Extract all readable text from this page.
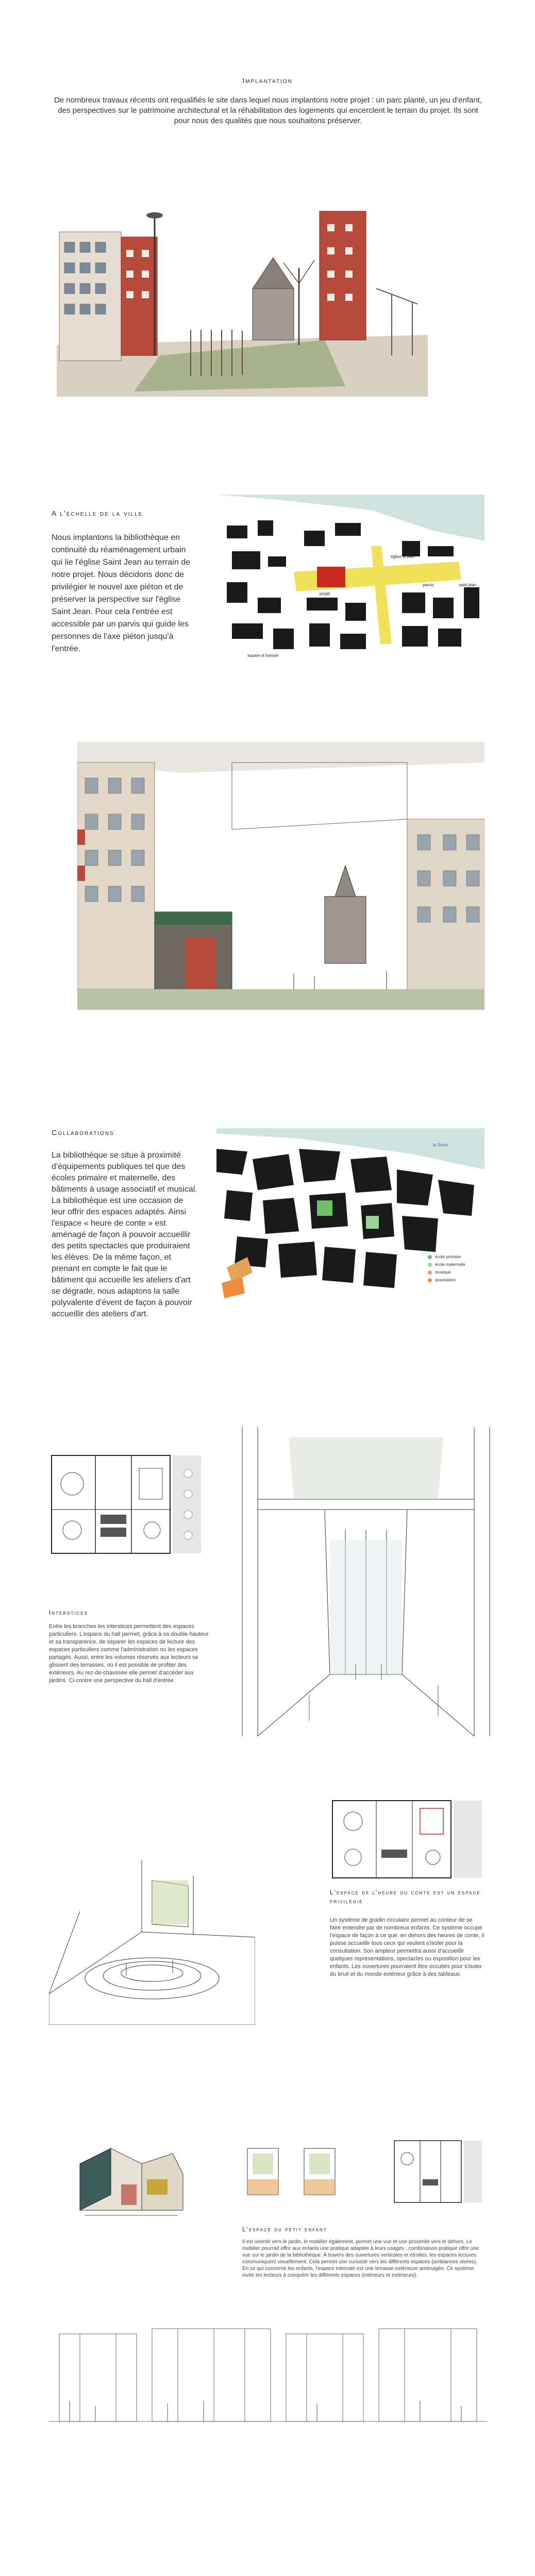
Implantation
De nombreux travaux récents ont requalifiés le site dans lequel nous implantons notre projet : un parc planté, un jeu d'enfant, des perspectives sur le patrimoine architectural et la réhabilitation des logements qui encerclent le terrain du projet. Ils sont pour nous des qualités que nous souhaitons préserver.
A l'échelle de la ville
Nous implantons la bibliothèque en continuité du réaménagement urbain qui lie l'église Saint Jean au terrain de notre projet. Nous décidons donc de privilégier le nouvel axe piéton et de préserver la perspective sur l'église Saint Jean. Pour cela l'entrée est accessible par un parvis qui guide les personnes de l'axe piéton jusqu'à l'entrée.
église st jean
parvis	saint jean
projet
square st honoré
Collaborations
La bibliothèque se situe à proximité d'équipements publiques tel que des écoles primaire et maternelle, des bâtiments à usage associatif et musical. La bibliothèque est une occasion de leur offrir des espaces adaptés. Ainsi l'espace « heure de conte » est aménagé de façon à pouvoir accueillir des petits spectacles que produiraient les élèves. De la même façon, et prenant en compte le fait que le bâtiment qui accueille les ateliers d'art se dégrade, nous adaptons la salle polyvalente d'évent de façon à pouvoir accueillir des ateliers d'art.
la Seine
école primaire
école maternelle
musique
association
Interstices
Entre les branches les interstices permettent des espaces particuliers. L'espace du hall permet, grâce à sa double hauteur et sa transparence, de séparer les espaces de lecture des espaces particuliers comme l'administration ou les espaces partagés. Aussi, entre les volumes réservés aux lecteurs se glissent des terrasses, où il est possible de profiter des extérieurs. Au rez-de-chaussée elle permet d'accéder aux jardins. Ci-contre une perspective du hall d'entrée.
L'espace de l'heure du conte est un espace privilégié
Un système de gradin circulaire permet au conteur de se faire entendre par de nombreux enfants. Ce système occupe l'espace de façon à ce que, en dehors des heures de conte, il puisse accueillir tous ceux qui veulent s'isoler pour la consultation. Son ampleur permettra aussi d'accueillir quelques représentations, spectacles ou exposition pour les enfants. Les ouvertures pourraient être occultés pour s'isoler du bruit et du monde extérieur grâce à des tableaux.
L'espace du petit enfant
Il est orienté vers le jardin, le mobilier également, permet une vue et une proximité vers le dehors. Le mobilier pourrait offrir aux enfants une pratique adaptée à leurs usages ; combinaison pratique offrir une vue sur le jardin de la bibliothèque. À travers des ouvertures verticales et étroites, les espaces lectures communiquent visuellement. Cela permet une curiosité vers les différents espaces (ambiances visées). En ce qui concerne les enfants, l'espace intercalé est une terrasse extérieure aménagée. Ce système invite les lecteurs à conquérir les différents espaces (intérieurs et extérieurs).
